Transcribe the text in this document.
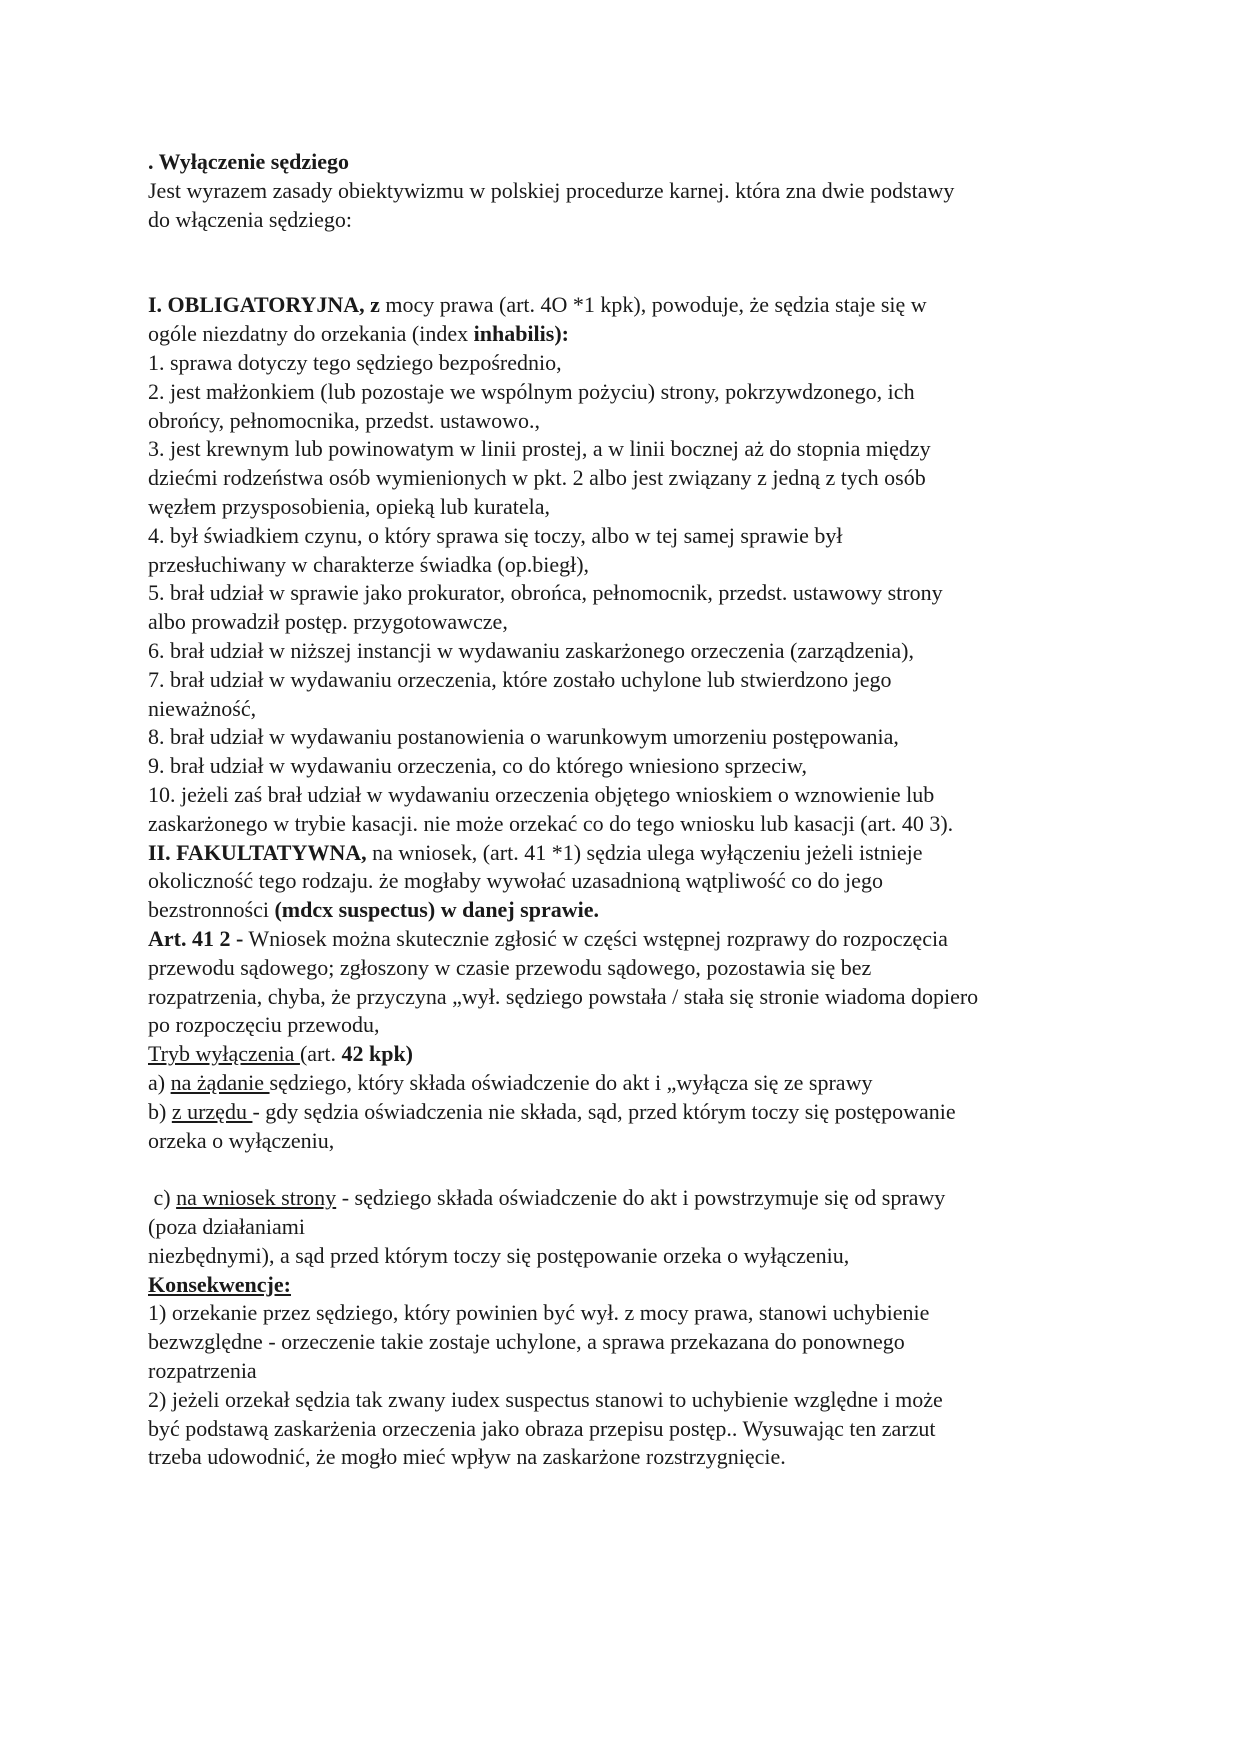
. Wyłączenie sędziego
Jest wyrazem zasady obiektywizmu w polskiej procedurze karnej. która zna dwie podstawy
do włączenia sędziego:
I. OBLIGATORYJNA, z mocy prawa (art. 4O *1 kpk), powoduje, że sędzia staje się w
ogóle niezdatny do orzekania (index inhabilis):
1. sprawa dotyczy tego sędziego bezpośrednio,
2. jest małżonkiem (lub pozostaje we wspólnym pożyciu) strony, pokrzywdzonego, ich
obrońcy, pełnomocnika, przedst. ustawowo.,
3. jest krewnym lub powinowatym w linii prostej, a w linii bocznej aż do stopnia między
dziećmi rodzeństwa osób wymienionych w pkt. 2 albo jest związany z jedną z tych osób
węzłem przysposobienia, opieką lub kuratela,
4. był świadkiem czynu, o który sprawa się toczy, albo w tej samej sprawie był
przesłuchiwany w charakterze świadka (op.biegł),
5. brał udział w sprawie jako prokurator, obrońca, pełnomocnik, przedst. ustawowy strony
albo prowadził postęp. przygotowawcze,
6. brał udział w niższej instancji w wydawaniu zaskarżonego orzeczenia (zarządzenia),
7. brał udział w wydawaniu orzeczenia, które zostało uchylone lub stwierdzono jego
nieważność,
8. brał udział w wydawaniu postanowienia o warunkowym umorzeniu postępowania,
9. brał udział w wydawaniu orzeczenia, co do którego wniesiono sprzeciw,
10. jeżeli zaś brał udział w wydawaniu orzeczenia objętego wnioskiem o wznowienie lub
zaskarżonego w trybie kasacji. nie może orzekać co do tego wniosku lub kasacji (art. 40 3).
II. FAKULTATYWNA, na wniosek, (art. 41 *1) sędzia ulega wyłączeniu jeżeli istnieje
okoliczność tego rodzaju. że mogłaby wywołać uzasadnioną wątpliwość co do jego
bezstronności (mdcx suspectus) w danej sprawie.
Art. 41 2 - Wniosek można skutecznie zgłosić w części wstępnej rozprawy do rozpoczęcia
przewodu sądowego; zgłoszony w czasie przewodu sądowego, pozostawia się bez
rozpatrzenia, chyba, że przyczyna „wył. sędziego powstała / stała się stronie wiadoma dopiero
po rozpoczęciu przewodu,
Tryb wyłączenia (art. 42 kpk)
a) na żądanie sędziego, który składa oświadczenie do akt i „wyłącza się ze sprawy
b) z urzędu - gdy sędzia oświadczenia nie składa, sąd, przed którym toczy się postępowanie
orzeka o wyłączeniu,
c) na wniosek strony - sędziego składa oświadczenie do akt i powstrzymuje się od sprawy
(poza działaniami
niezbędnymi), a sąd przed którym toczy się postępowanie orzeka o wyłączeniu,
Konsekwencje:
1) orzekanie przez sędziego, który powinien być wył. z mocy prawa, stanowi uchybienie
bezwzględne - orzeczenie takie zostaje uchylone, a sprawa przekazana do ponownego
rozpatrzenia
2) jeżeli orzekał sędzia tak zwany iudex suspectus stanowi to uchybienie względne i może
być podstawą zaskarżenia orzeczenia jako obraza przepisu postęp.. Wysuwając ten zarzut
trzeba udowodnić, że mogło mieć wpływ na zaskarżone rozstrzygnięcie.
